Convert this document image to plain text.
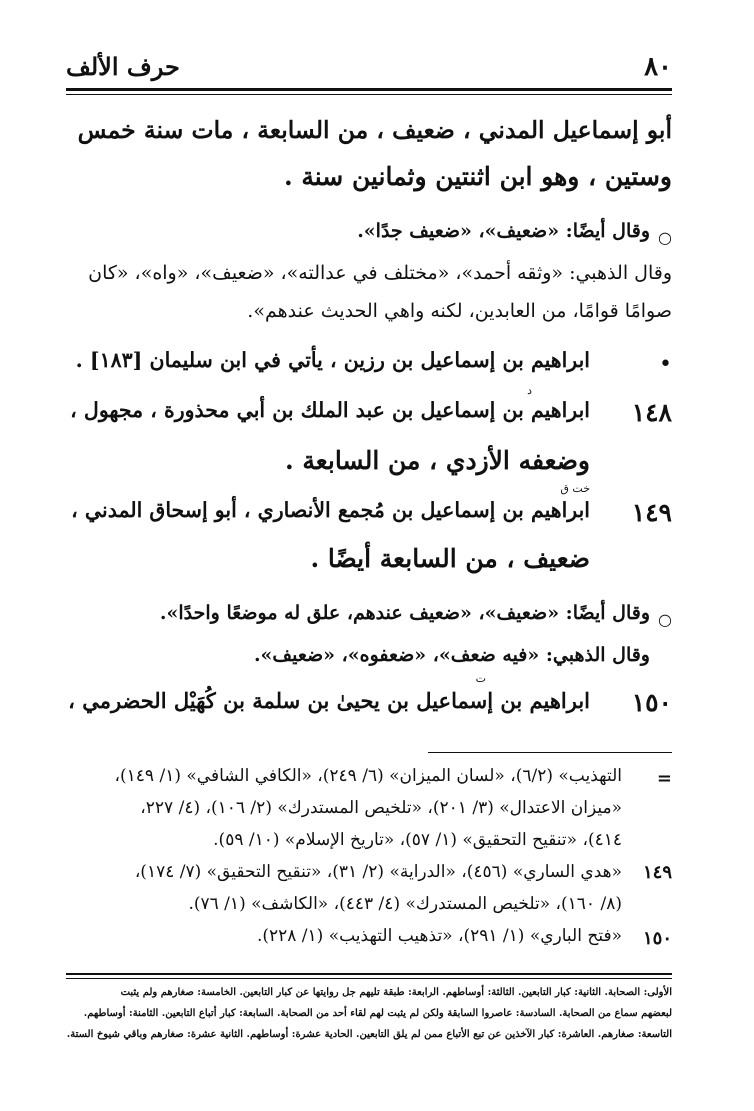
٨٠
حرف الألف
أبو إسماعيل المدني ، ضعيف ، من السابعة ، مات سنة خمس
وستين ، وهو ابن اثنتين وثمانين سنة .
○
وقال أيضًا: «ضعيف»، «ضعيف جدًا».
وقال الذهبي: «وثقه أحمد»، «مختلف في عدالته»، «ضعيف»، «واه»، «كان
صوامًا قوامًا، من العابدين، لكنه واهي الحديث عندهم».
•
ابراهيم بن إسماعيل بن رزين ، يأتي في ابن سليمان [١٨٣] .
د
١٤٨
ابراهيم بن إسماعيل بن عبد الملك بن أبي محذورة ، مجهول ،
وضعفه الأزدي ، من السابعة .
خت ق
١٤٩
ابراهيم بن إسماعيل بن مُجمع الأنصاري ، أبو إسحاق المدني ،
ضعيف ، من السابعة أيضًا .
○
وقال أيضًا: «ضعيف»، «ضعيف عندهم، علق له موضعًا واحدًا».
وقال الذهبي: «فيه ضعف»، «ضعفوه»، «ضعيف».
ت
١٥٠
ابراهيم بن إسماعيل بن يحيىٰ بن سلمة بن كُهَيْل الحضرمي ،
=
التهذيب» (٦/٢)، «لسان الميزان» (٦/ ٢٤٩)، «الكافي الشافي» (١/ ١٤٩)،
«ميزان الاعتدال» (٣/ ٢٠١)، «تلخيص المستدرك» (٢/ ١٠٦)، (٤/ ٢٢٧،
٤١٤)، «تنقيح التحقيق» (١/ ٥٧)، «تاريخ الإسلام» (١٠/ ٥٩).
١٤٩
«هدي الساري» (٤٥٦)، «الدراية» (٢/ ٣١)، «تنقيح التحقيق» (٧/ ١٧٤)،
(٨/ ١٦٠)، «تلخيص المستدرك» (٤/ ٤٤٣)، «الكاشف» (١/ ٧٦).
١٥٠
«فتح الباري» (١/ ٢٩١)، «تذهيب التهذيب» (١/ ٢٢٨).
الأولى: الصحابة. الثانية: كبار التابعين. الثالثة: أوساطهم. الرابعة: طبقة تليهم جل روايتها عن كبار التابعين. الخامسة: صغارهم ولم يثبت
لبعضهم سماع من الصحابة. السادسة: عاصروا السابقة ولكن لم يثبت لهم لقاء أحد من الصحابة. السابعة: كبار أتباع التابعين. الثامنة: أوساطهم.
التاسعة: صغارهم. العاشرة: كبار الآخذين عن تبع الأتباع ممن لم يلق التابعين. الحادية عشرة: أوساطهم. الثانية عشرة: صغارهم وباقي شيوخ الستة.
